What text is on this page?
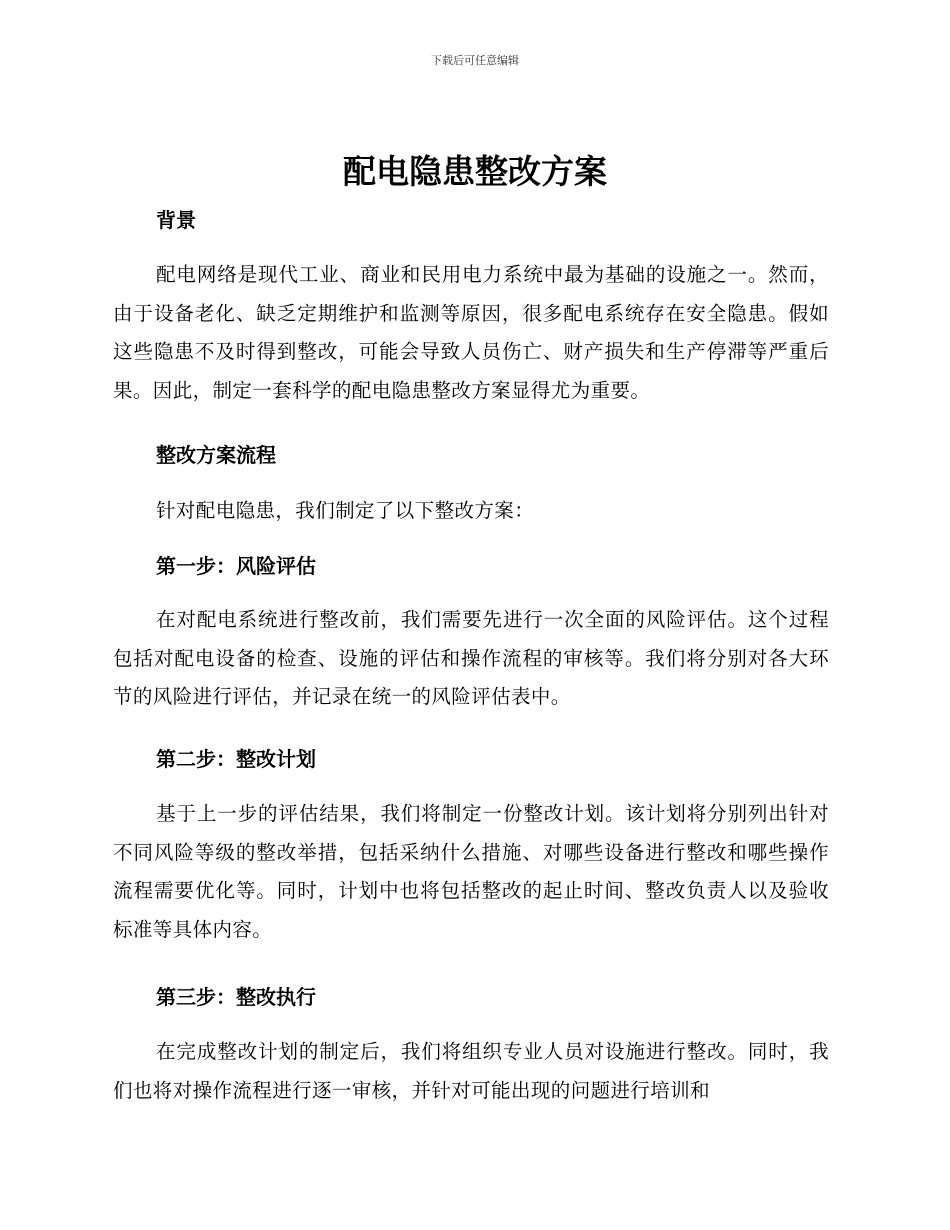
下载后可任意编辑
配电隐患整改方案
背景

配电网络是现代工业、商业和民用电力系统中最为基础的设施之一。然而，由于设备老化、缺乏定期维护和监测等原因，很多配电系统存在安全隐患。假如这些隐患不及时得到整改，可能会导致人员伤亡、财产损失和生产停滞等严重后果。因此，制定一套科学的配电隐患整改方案显得尤为重要。

整改方案流程

针对配电隐患，我们制定了以下整改方案：

第一步：风险评估

在对配电系统进行整改前，我们需要先进行一次全面的风险评估。这个过程包括对配电设备的检查、设施的评估和操作流程的审核等。我们将分别对各大环节的风险进行评估，并记录在统一的风险评估表中。

第二步：整改计划

基于上一步的评估结果，我们将制定一份整改计划。该计划将分别列出针对不同风险等级的整改举措，包括采纳什么措施、对哪些设备进行整改和哪些操作流程需要优化等。同时，计划中也将包括整改的起止时间、整改负责人以及验收标准等具体内容。

第三步：整改执行

在完成整改计划的制定后，我们将组织专业人员对设施进行整改。同时，我们也将对操作流程进行逐一审核，并针对可能出现的问题进行培训和
